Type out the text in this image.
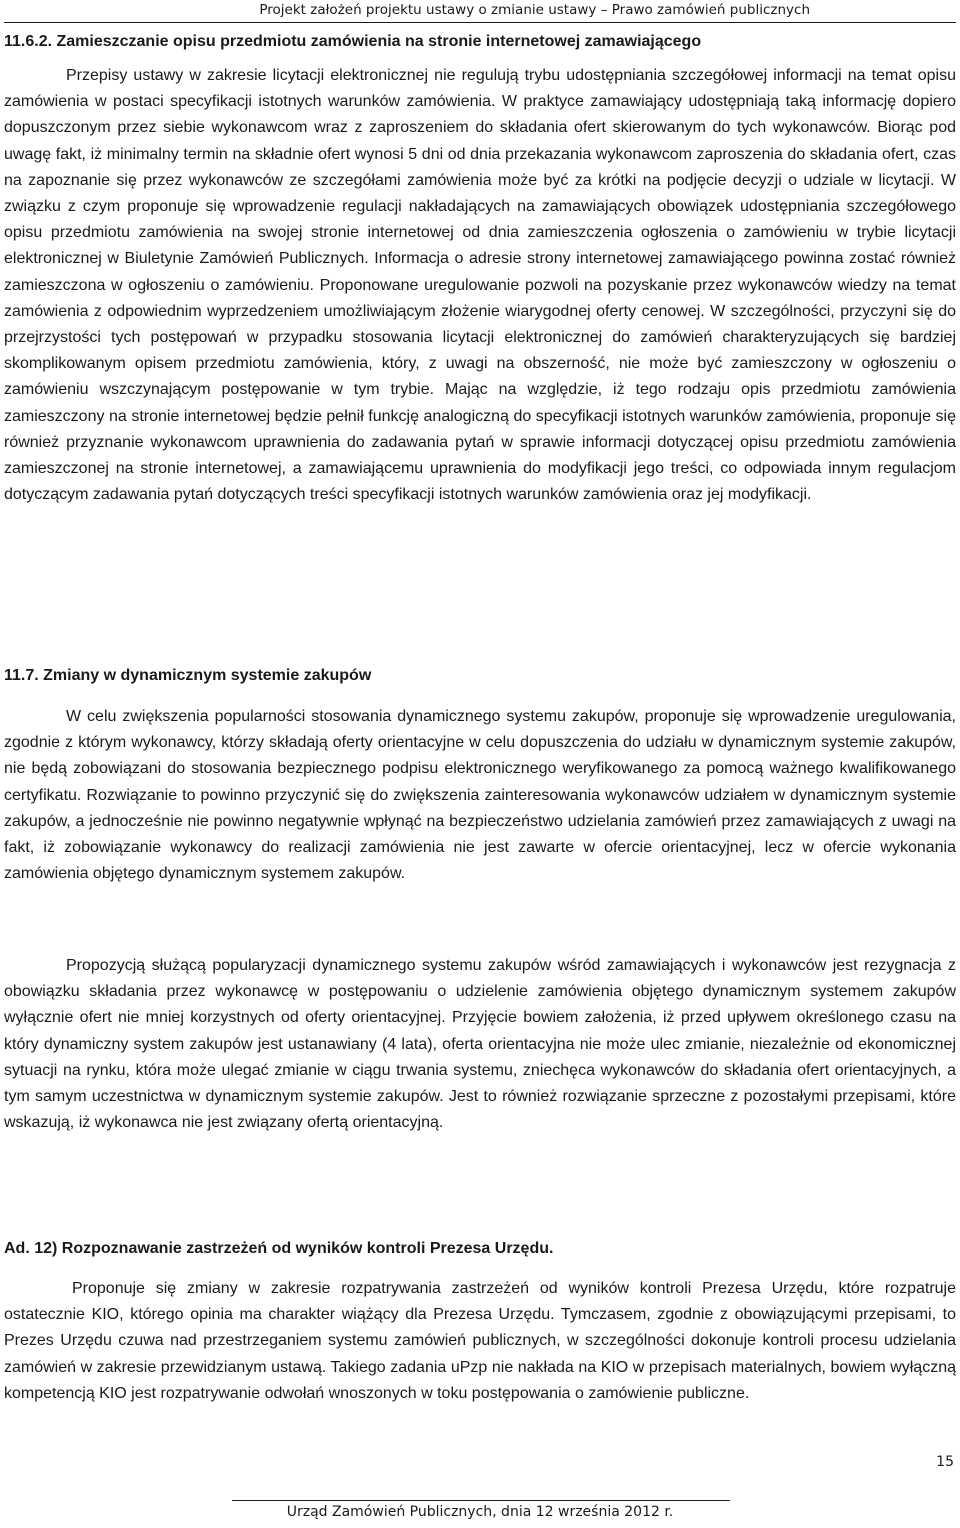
Projekt założeń projektu ustawy o zmianie ustawy – Prawo zamówień publicznych
11.6.2. Zamieszczanie opisu przedmiotu zamówienia na stronie internetowej zamawiającego
Przepisy ustawy w zakresie licytacji elektronicznej nie regulują trybu udostępniania szczegółowej informacji na temat opisu zamówienia w postaci specyfikacji istotnych warunków zamówienia. W praktyce zamawiający udostępniają taką informację dopiero dopuszczonym przez siebie wykonawcom wraz z zaproszeniem do składania ofert skierowanym do tych wykonawców. Biorąc pod uwagę fakt, iż minimalny termin na składnie ofert wynosi 5 dni od dnia przekazania wykonawcom zaproszenia do składania ofert, czas na zapoznanie się przez wykonawców ze szczegółami zamówienia może być za krótki na podjęcie decyzji o udziale w licytacji. W związku z czym proponuje się wprowadzenie regulacji nakładających na zamawiających obowiązek udostępniania szczegółowego opisu przedmiotu zamówienia na swojej stronie internetowej od dnia zamieszczenia ogłoszenia o zamówieniu w trybie licytacji elektronicznej w Biuletynie Zamówień Publicznych. Informacja o adresie strony internetowej zamawiającego powinna zostać również zamieszczona w ogłoszeniu o zamówieniu. Proponowane uregulowanie pozwoli na pozyskanie przez wykonawców wiedzy na temat zamówienia z odpowiednim wyprzedzeniem umożliwiającym złożenie wiarygodnej oferty cenowej. W szczególności, przyczyni się do przejrzystości tych postępowań w przypadku stosowania licytacji elektronicznej do zamówień charakteryzujących się bardziej skomplikowanym opisem przedmiotu zamówienia, który, z uwagi na obszerność, nie może być zamieszczony w ogłoszeniu o zamówieniu wszczynającym postępowanie w tym trybie. Mając na względzie, iż tego rodzaju opis przedmiotu zamówienia zamieszczony na stronie internetowej będzie pełnił funkcję analogiczną do specyfikacji istotnych warunków zamówienia, proponuje się również przyznanie wykonawcom uprawnienia do zadawania pytań w sprawie informacji dotyczącej opisu przedmiotu zamówienia zamieszczonej na stronie internetowej, a zamawiającemu uprawnienia do modyfikacji jego treści, co odpowiada innym regulacjom dotyczącym zadawania pytań dotyczących treści specyfikacji istotnych warunków zamówienia oraz jej modyfikacji.
11.7. Zmiany w dynamicznym systemie zakupów
W celu zwiększenia popularności stosowania dynamicznego systemu zakupów, proponuje się wprowadzenie uregulowania, zgodnie z którym wykonawcy, którzy składają oferty orientacyjne w celu dopuszczenia do udziału w dynamicznym systemie zakupów, nie będą zobowiązani do stosowania bezpiecznego podpisu elektronicznego weryfikowanego za pomocą ważnego kwalifikowanego certyfikatu. Rozwiązanie to powinno przyczynić się do zwiększenia zainteresowania wykonawców udziałem w dynamicznym systemie zakupów, a jednocześnie nie powinno negatywnie wpłynąć na bezpieczeństwo udzielania zamówień przez zamawiających z uwagi na fakt, iż zobowiązanie wykonawcy do realizacji zamówienia nie jest zawarte w ofercie orientacyjnej, lecz w ofercie wykonania zamówienia objętego dynamicznym systemem zakupów.
Propozycją służącą popularyzacji dynamicznego systemu zakupów wśród zamawiających i wykonawców jest rezygnacja z obowiązku składania przez wykonawcę w postępowaniu o udzielenie zamówienia objętego dynamicznym systemem zakupów wyłącznie ofert nie mniej korzystnych od oferty orientacyjnej. Przyjęcie bowiem założenia, iż przed upływem określonego czasu na który dynamiczny system zakupów jest ustanawiany (4 lata), oferta orientacyjna nie może ulec zmianie, niezależnie od ekonomicznej sytuacji na rynku, która może ulegać zmianie w ciągu trwania systemu, zniechęca wykonawców do składania ofert orientacyjnych, a tym samym uczestnictwa w dynamicznym systemie zakupów. Jest to również rozwiązanie sprzeczne z pozostałymi przepisami, które wskazują, iż wykonawca nie jest związany ofertą orientacyjną.
Ad. 12) Rozpoznawanie zastrzeżeń od wyników kontroli Prezesa Urzędu.
Proponuje się zmiany w zakresie rozpatrywania zastrzeżeń od wyników kontroli Prezesa Urzędu, które rozpatruje ostatecznie KIO, którego opinia ma charakter wiążący dla Prezesa Urzędu. Tymczasem, zgodnie z obowiązującymi przepisami, to Prezes Urzędu czuwa nad przestrzeganiem systemu zamówień publicznych, w szczególności dokonuje kontroli procesu udzielania zamówień w zakresie przewidzianym ustawą. Takiego zadania uPzp nie nakłada na KIO w przepisach materialnych, bowiem wyłączną kompetencją KIO jest rozpatrywanie odwołań wnoszonych w toku postępowania o zamówienie publiczne.
15
Urząd Zamówień Publicznych, dnia 12 września 2012 r.
